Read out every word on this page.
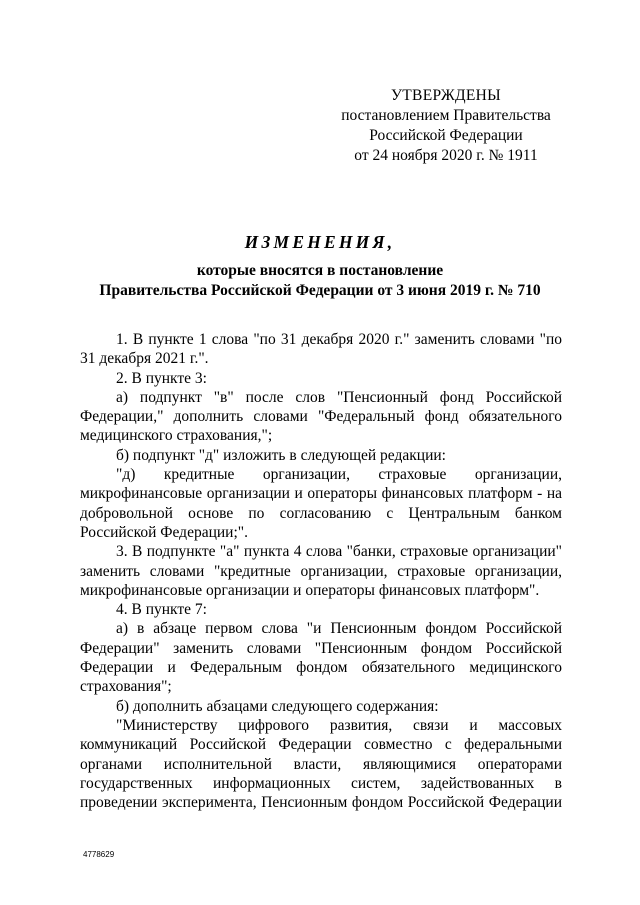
УТВЕРЖДЕНЫ
постановлением Правительства
Российской Федерации
от 24 ноября 2020 г. № 1911
ИЗМЕНЕНИЯ,
которые вносятся в постановление
Правительства Российской Федерации от 3 июня 2019 г. № 710

1. В пункте 1 слова "по 31 декабря 2020 г." заменить словами "по 31 декабря 2021 г.".

2. В пункте 3:

а) подпункт "в" после слов "Пенсионный фонд Российской Федерации," дополнить словами "Федеральный фонд обязательного медицинского страхования,";

б) подпункт "д" изложить в следующей редакции:

"д) кредитные организации, страховые организации, микрофинансовые организации и операторы финансовых платформ - на добровольной основе по согласованию с Центральным банком Российской Федерации;".

3. В подпункте "а" пункта 4 слова "банки, страховые организации" заменить словами "кредитные организации, страховые организации, микрофинансовые организации и операторы финансовых платформ".

4. В пункте 7:

а) в абзаце первом слова "и Пенсионным фондом Российской Федерации" заменить словами "Пенсионным фондом Российской Федерации и Федеральным фондом обязательного медицинского страхования";

б) дополнить абзацами следующего содержания:

"Министерству цифрового развития, связи и массовых коммуникаций Российской Федерации совместно с федеральными органами исполнительной власти, являющимися операторами государственных информационных систем, задействованных в проведении эксперимента, Пенсионным фондом Российской Федерации

4778629
